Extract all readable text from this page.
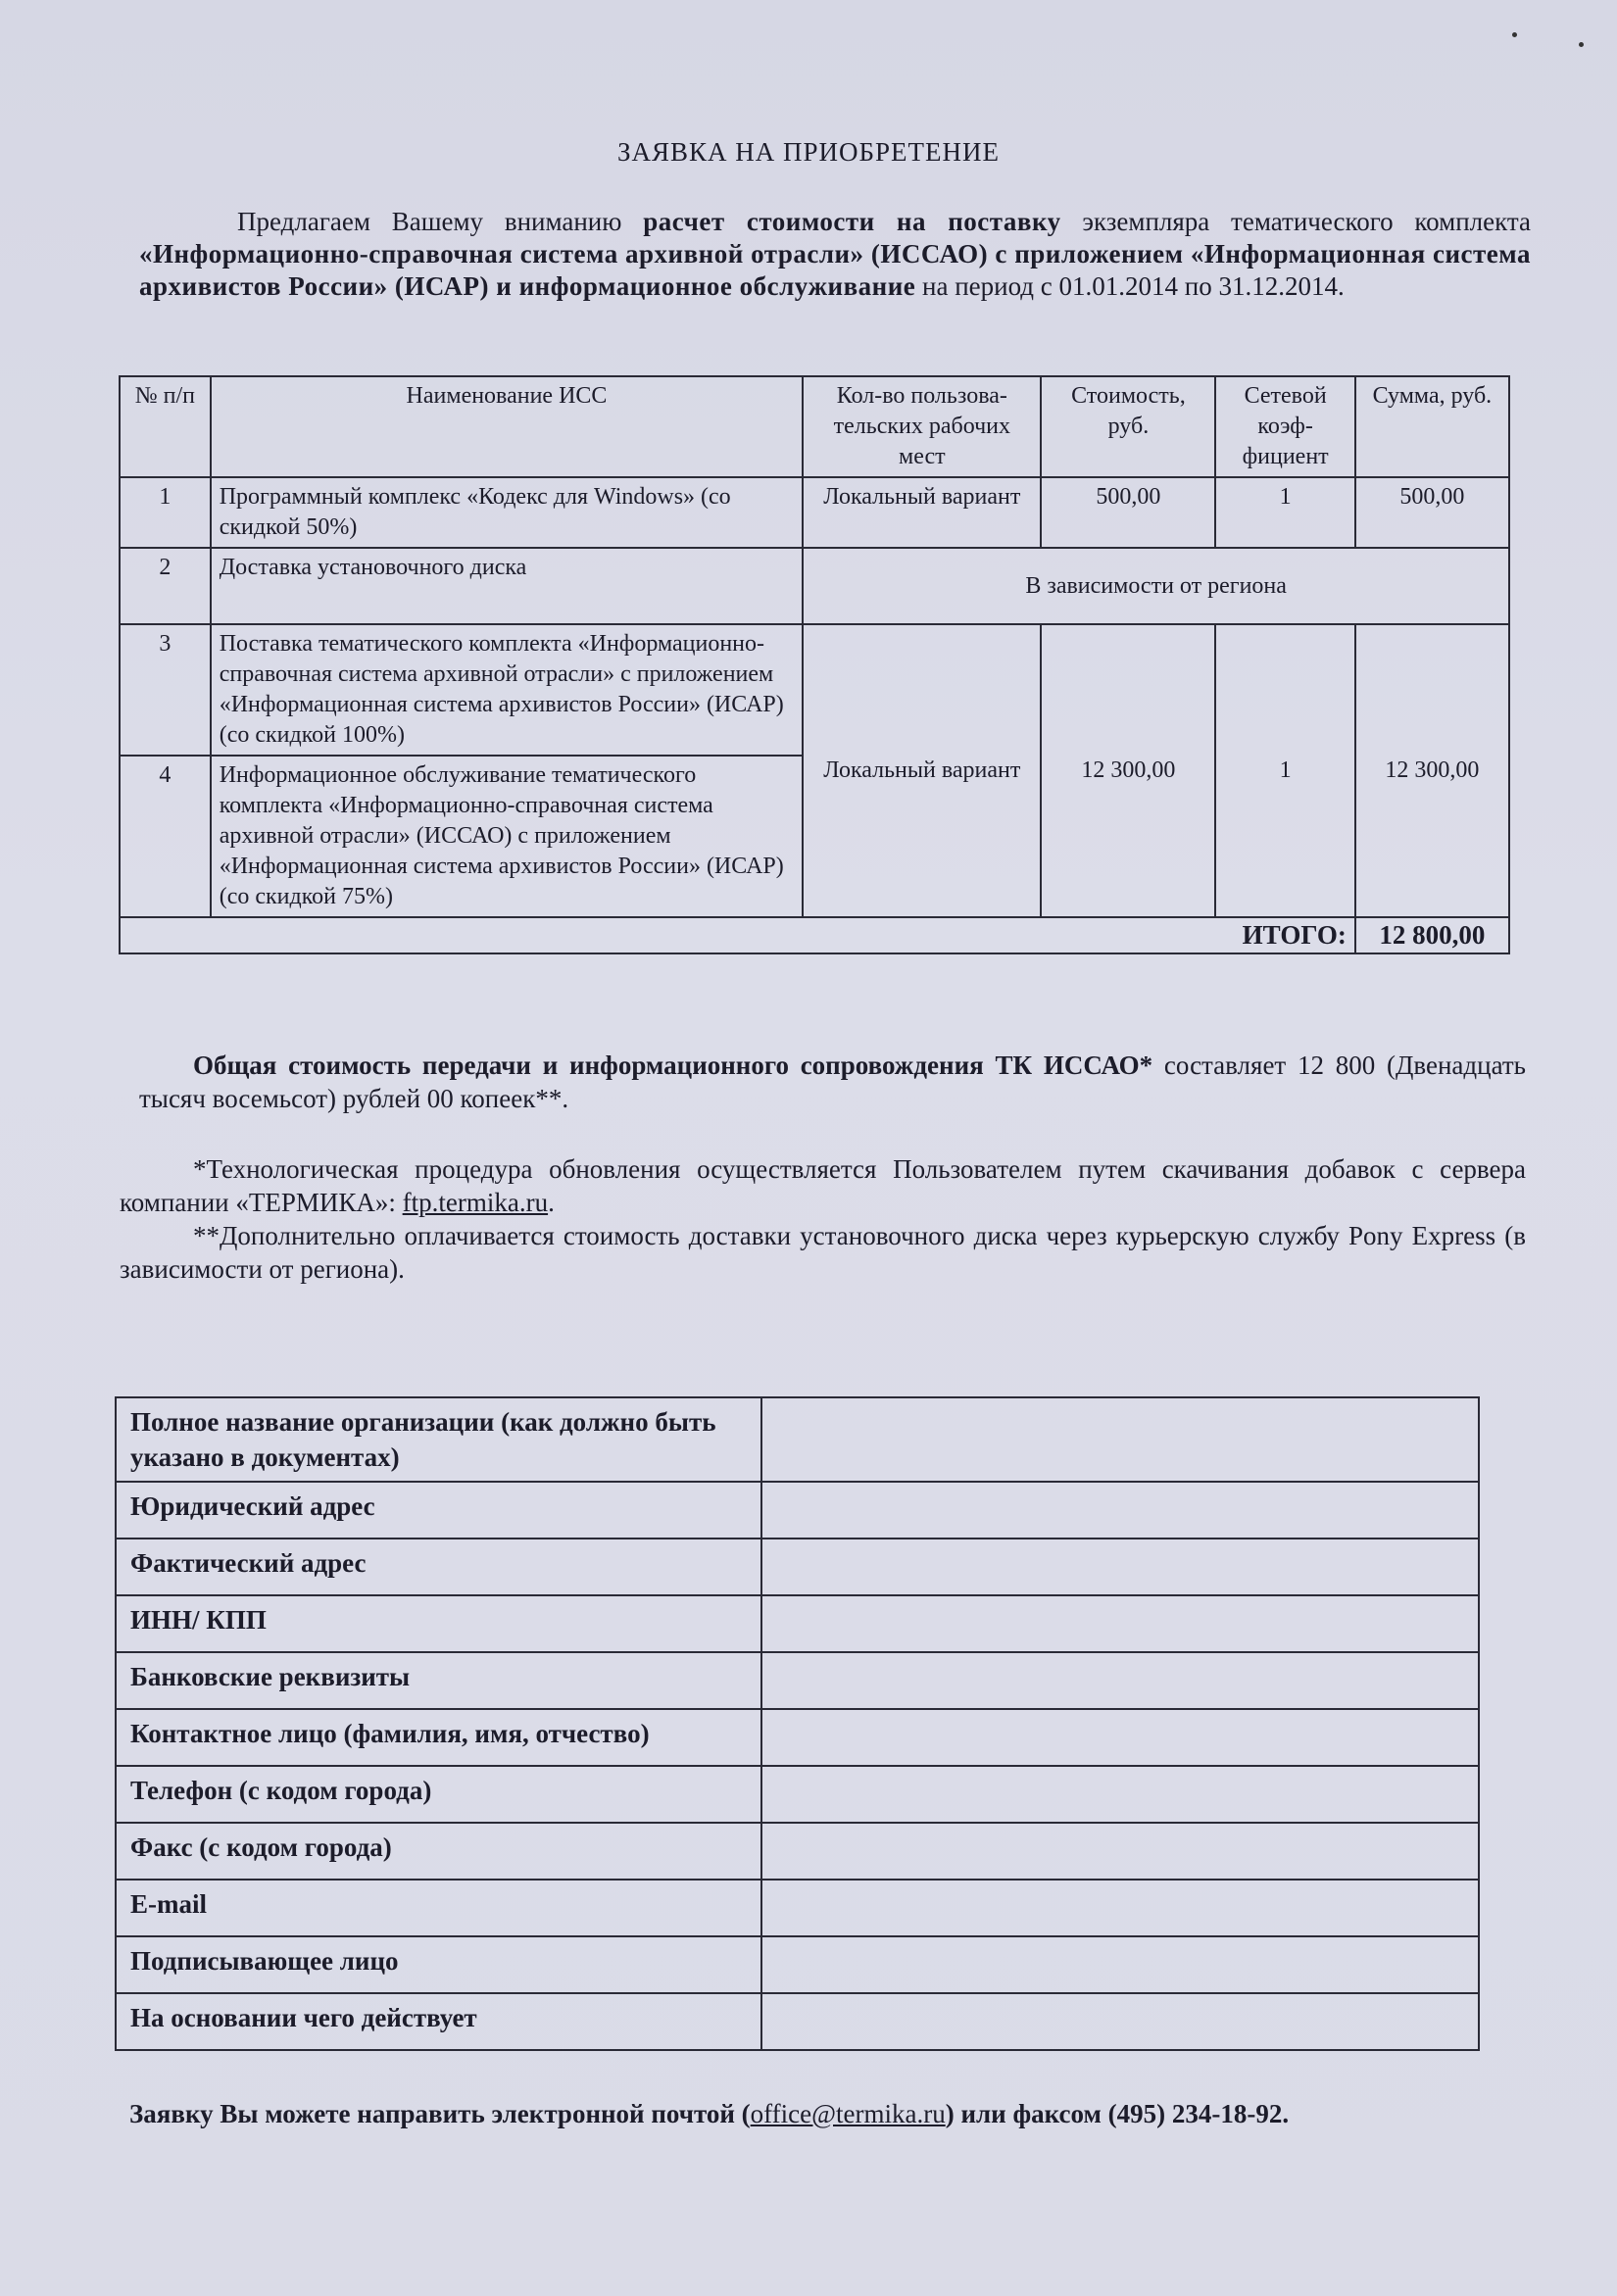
ЗАЯВКА НА ПРИОБРЕТЕНИЕ

Предлагаем Вашему вниманию расчет стоимости на поставку экземпляра тематического комплекта «Информационно-справочная система архивной отрасли» (ИССАО) с приложением «Информационная система архивистов России» (ИСАР) и информационное обслуживание на период с 01.01.2014 по 31.12.2014.

№ п/п	Наименование ИСС	Кол-во пользова-тельских рабочих мест	Стоимость, руб.	Сетевой коэф-фициент	Сумма, руб.
1	Программный комплекс «Кодекс для Windows» (со скидкой 50%)	Локальный вариант	500,00	1	500,00
2	Доставка установочного диска	В зависимости от региона			
3	Поставка тематического комплекта «Информационно-справочная система архивной отрасли» с приложением «Информационная система архивистов России» (ИСАР) (со скидкой 100%)	Локальный вариант	12 300,00	1	12 300,00
4	Информационное обслуживание тематического комплекта «Информационно-справочная система архивной отрасли» (ИССАО) с приложением «Информационная система архивистов России» (ИСАР) (со скидкой 75%)				
ИТОГО:					12 800,00

Общая стоимость передачи и информационного сопровождения ТК ИССАО* составляет 12 800 (Двенадцать тысяч восемьсот) рублей 00 копеек**.

*Технологическая процедура обновления осуществляется Пользователем путем скачивания добавок с сервера компании «ТЕРМИКА»: ftp.termika.ru.

**Дополнительно оплачивается стоимость доставки установочного диска через курьерскую службу Pony Express (в зависимости от региона).

Полное название организации (как должно быть указано в документах)	
Юридический адрес	
Фактический адрес	
ИНН/ КПП	
Банковские реквизиты	
Контактное лицо (фамилия, имя, отчество)	
Телефон (с кодом города)	
Факс (с кодом города)	
E-mail	
Подписывающее лицо	
На основании чего действует	
Заявку Вы можете направить электронной почтой (office@termika.ru) или факсом (495) 234-18-92.
